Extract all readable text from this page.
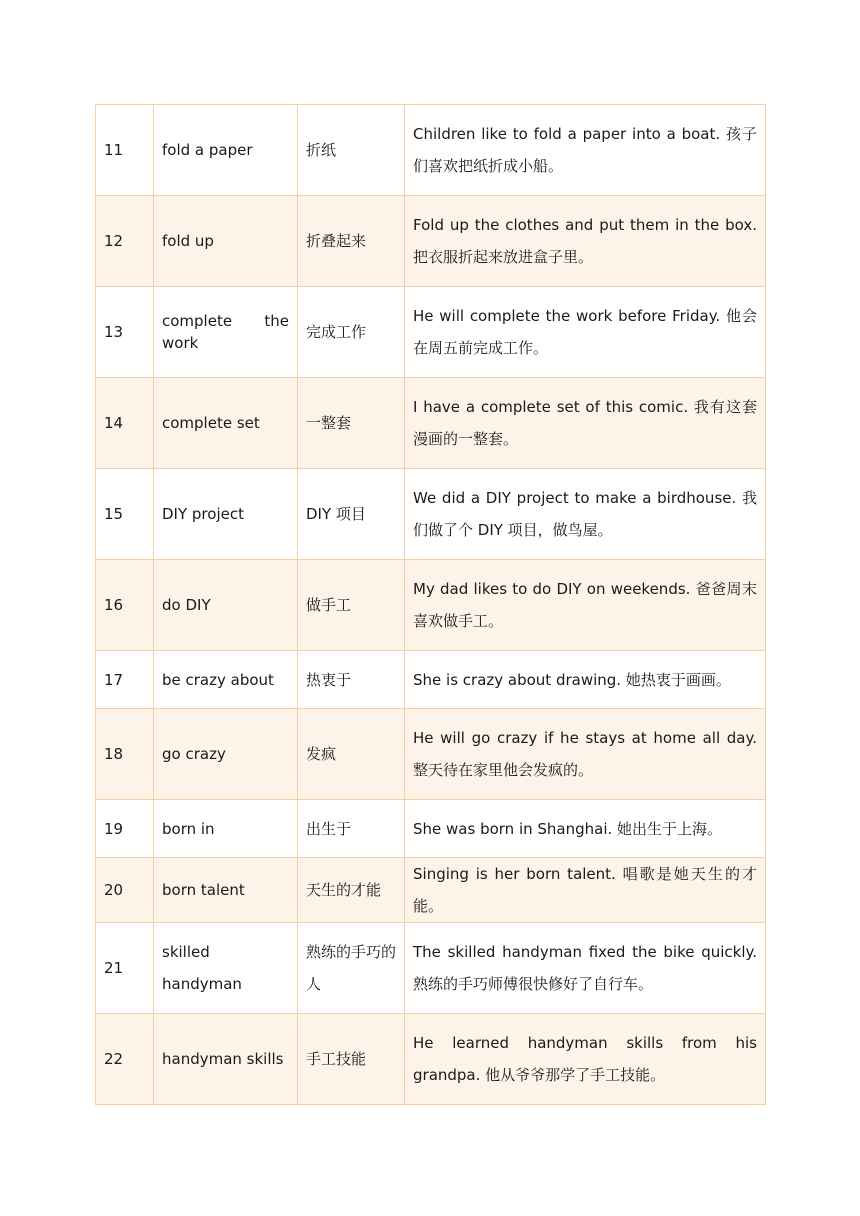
11	fold a paper	折纸	Children like to fold a paper into a boat. 孩子们喜欢把纸折成小船。
12	fold up	折叠起来	Fold up the clothes and put them in the box. 把衣服折起来放进盒子里。
13	complete the work	完成工作	He will complete the work before Friday. 他会在周五前完成工作。
14	complete set	一整套	I have a complete set of this comic. 我有这套漫画的一整套。
15	DIY project	DIY 项目	We did a DIY project to make a birdhouse. 我们做了个 DIY 项目，做鸟屋。
16	do DIY	做手工	My dad likes to do DIY on weekends. 爸爸周末喜欢做手工。
17	be crazy about	热衷于	She is crazy about drawing. 她热衷于画画。
18	go crazy	发疯	He will go crazy if he stays at home all day. 整天待在家里他会发疯的。
19	born in	出生于	She was born in Shanghai. 她出生于上海。
20	born talent	天生的才能	Singing is her born talent. 唱歌是她天生的才能。
21	skilled handyman	熟练的手巧的人	The skilled handyman fixed the bike quickly. 熟练的手巧师傅很快修好了自行车。
22	handyman skills	手工技能	He learned handyman skills from his grandpa. 他从爷爷那学了手工技能。
